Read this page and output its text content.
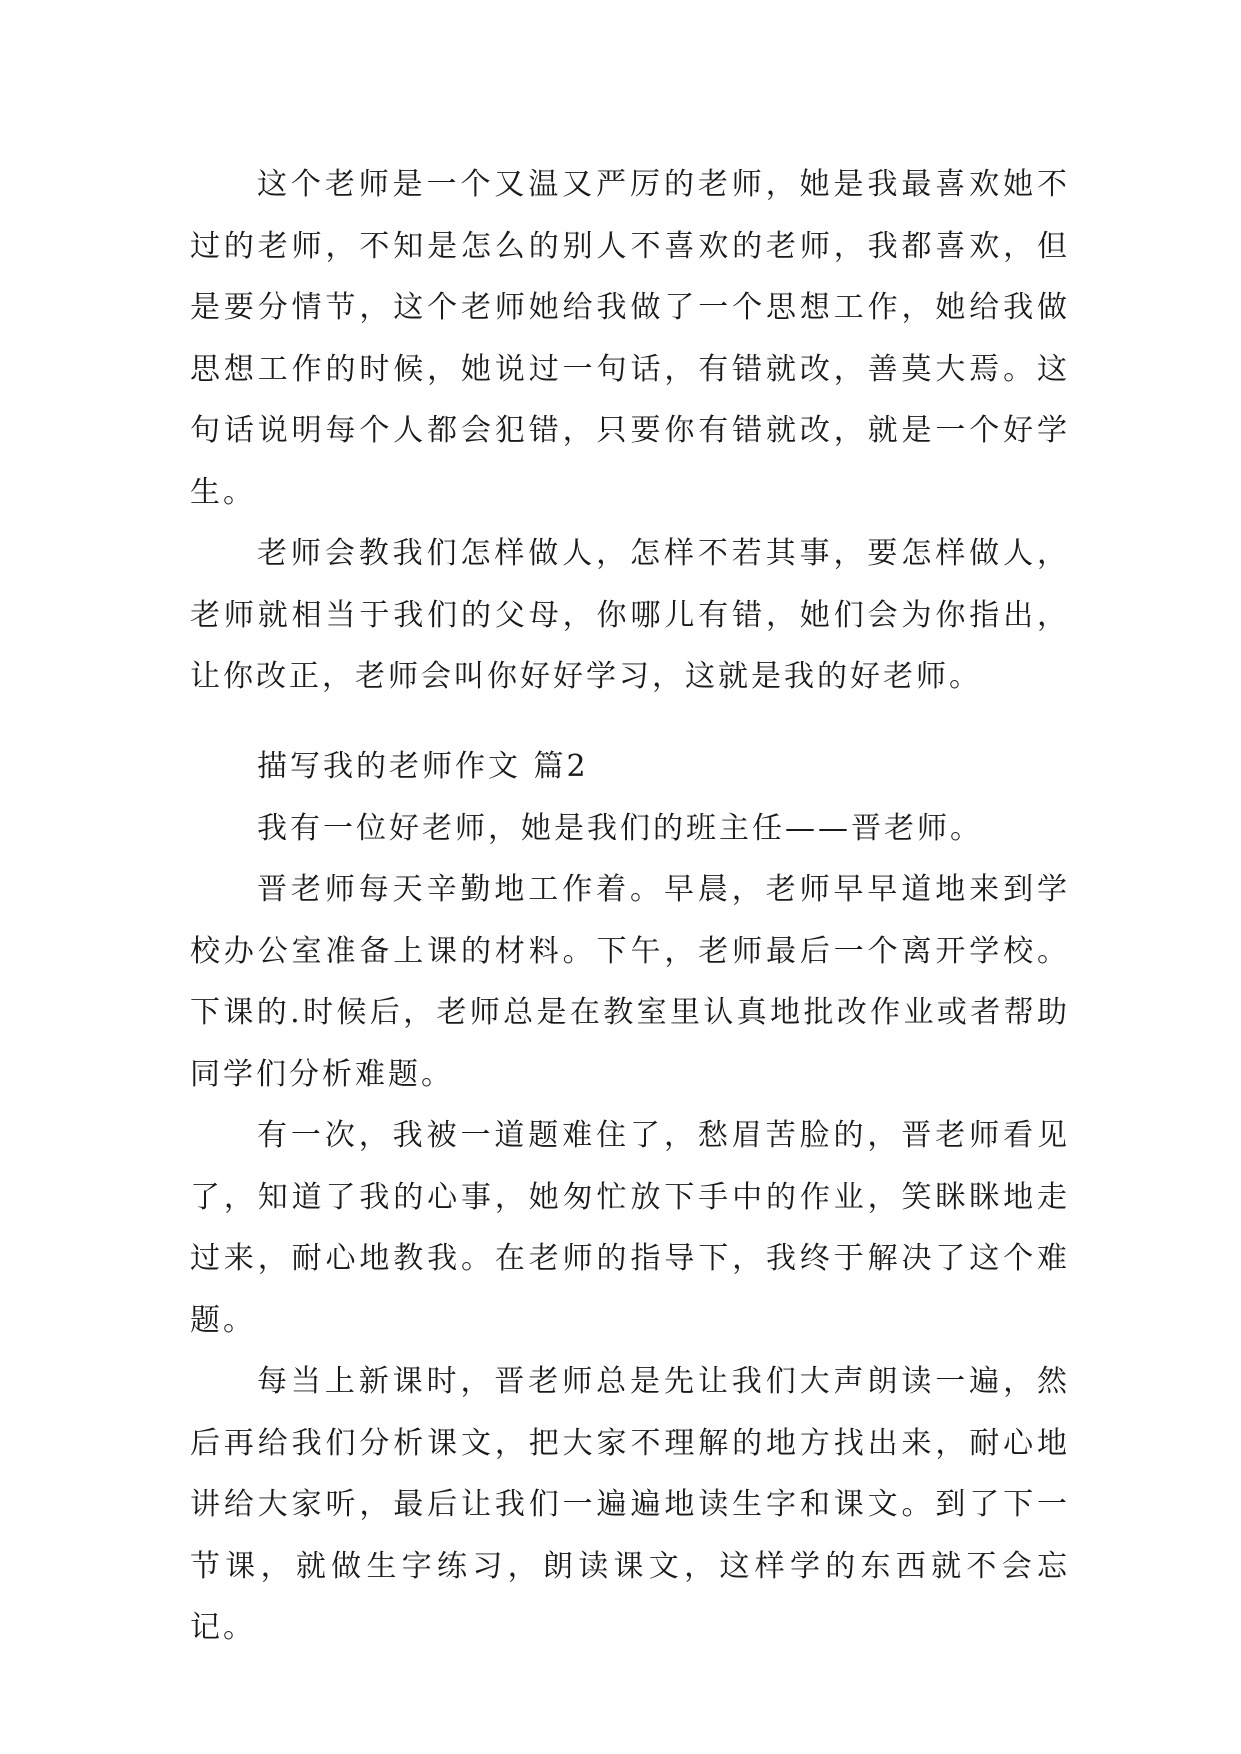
这个老师是一个又温又严厉的老师，她是我最喜欢她不过的老师，不知是怎么的别人不喜欢的老师，我都喜欢，但是要分情节，这个老师她给我做了一个思想工作，她给我做思想工作的时候，她说过一句话，有错就改，善莫大焉。这句话说明每个人都会犯错，只要你有错就改，就是一个好学生。

老师会教我们怎样做人，怎样不若其事，要怎样做人，老师就相当于我们的父母，你哪儿有错，她们会为你指出，让你改正，老师会叫你好好学习，这就是我的好老师。

描写我的老师作文 篇2

我有一位好老师，她是我们的班主任——晋老师。

晋老师每天辛勤地工作着。早晨，老师早早道地来到学校办公室准备上课的材料。下午，老师最后一个离开学校。下课的.时候后，老师总是在教室里认真地批改作业或者帮助同学们分析难题。

有一次，我被一道题难住了，愁眉苦脸的，晋老师看见了，知道了我的心事，她匆忙放下手中的作业，笑眯眯地走过来，耐心地教我。在老师的指导下，我终于解决了这个难题。

每当上新课时，晋老师总是先让我们大声朗读一遍，然后再给我们分析课文，把大家不理解的地方找出来，耐心地讲给大家听，最后让我们一遍遍地读生字和课文。到了下一节课，就做生字练习，朗读课文，这样学的东西就不会忘记。
